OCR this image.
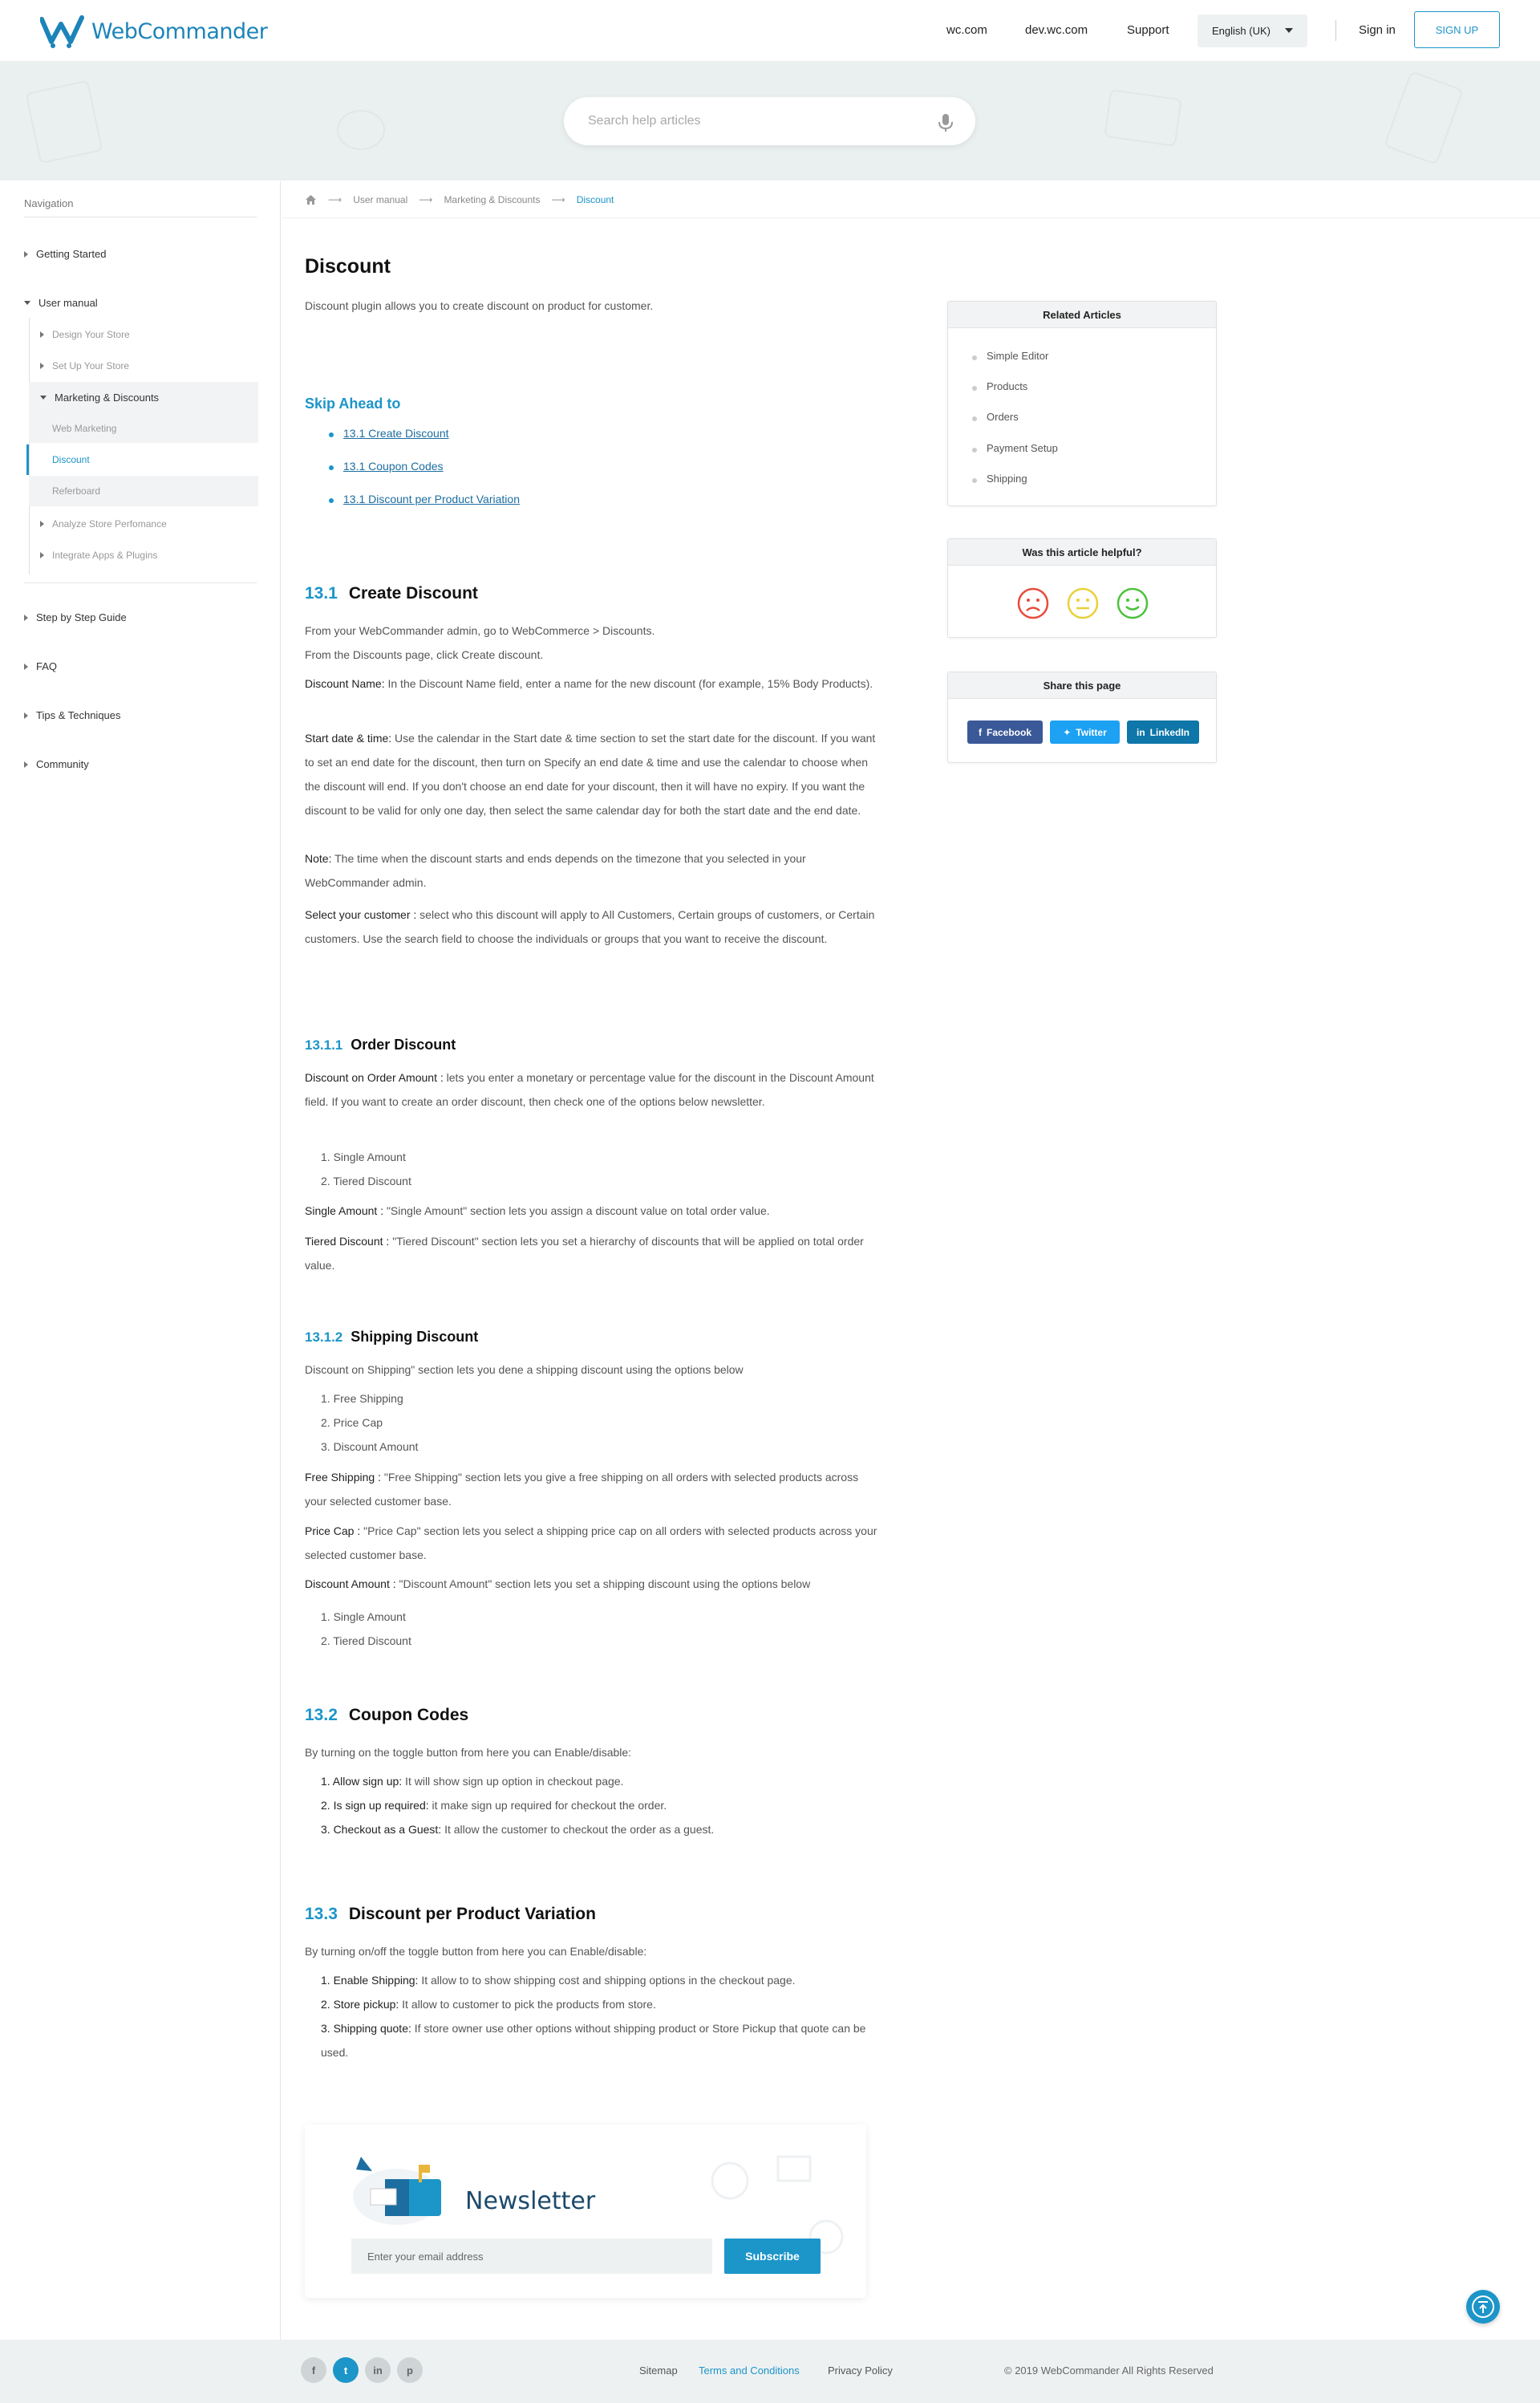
WebCommander	wc.com	dev.wc.com	Support	English (UK)	Sign in	SIGN UP
Search help articles
Navigation
Getting Started
User manual
Design Your Store
Set Up Your Store
Marketing & Discounts
Web Marketing
Discount
Referboard
Analyze Store Perfomance
Integrate Apps & Plugins
Step by Step Guide
FAQ
Tips & Techniques
Community
⟶ User manual ⟶ Marketing & Discounts ⟶ Discount
Discount
Discount plugin allows you to create discount on product for customer.
Skip Ahead to
13.1 Create Discount
13.1 Coupon Codes
13.1 Discount per Product Variation
13.1 Create Discount
From your WebCommander admin, go to WebCommerce > Discounts.
From the Discounts page, click Create discount.
Discount Name: In the Discount Name field, enter a name for the new discount (for example, 15% Body Products).
Start date & time: Use the calendar in the Start date & time section to set the start date for the discount. If you want to set an end date for the discount, then turn on Specify an end date & time and use the calendar to choose when the discount will end. If you don't choose an end date for your discount, then it will have no expiry. If you want the discount to be valid for only one day, then select the same calendar day for both the start date and the end date.
Note: The time when the discount starts and ends depends on the timezone that you selected in your WebCommander admin.
Select your customer : select who this discount will apply to All Customers, Certain groups of customers, or Certain customers. Use the search field to choose the individuals or groups that you want to receive the discount.
13.1.1 Order Discount
Discount on Order Amount : lets you enter a monetary or percentage value for the discount in the Discount Amount field. If you want to create an order discount, then check one of the options below newsletter.
1. Single Amount
2. Tiered Discount
Single Amount : "Single Amount" section lets you assign a discount value on total order value.
Tiered Discount : "Tiered Discount" section lets you set a hierarchy of discounts that will be applied on total order value.
13.1.2 Shipping Discount
Discount on Shipping" section lets you dene a shipping discount using the options below
1. Free Shipping
2. Price Cap
3. Discount Amount
Free Shipping : "Free Shipping" section lets you give a free shipping on all orders with selected products across your selected customer base.
Price Cap : "Price Cap" section lets you select a shipping price cap on all orders with selected products across your selected customer base.
Discount Amount : "Discount Amount" section lets you set a shipping discount using the options below
1. Single Amount
2. Tiered Discount
13.2 Coupon Codes
By turning on the toggle button from here you can Enable/disable:
1. Allow sign up: It will show sign up option in checkout page.
2. Is sign up required: it make sign up required for checkout the order.
3. Checkout as a Guest: It allow the customer to checkout the order as a guest.
13.3 Discount per Product Variation
By turning on/off the toggle button from here you can Enable/disable:
1. Enable Shipping: It allow to to show shipping cost and shipping options in the checkout page.
2. Store pickup: It allow to customer to pick the products from store.
3. Shipping quote: If store owner use other options without shipping product or Store Pickup that quote can be used.
Related Articles
Simple Editor
Products
Orders
Payment Setup
Shipping
Was this article helpful?
Share this page
f Facebook	✦ Twitter	in LinkedIn
Newsletter
Enter your email address
Subscribe
f	t	in	p	Sitemap Terms and Conditions	Privacy Policy	© 2019 WebCommander All Rights Reserved
